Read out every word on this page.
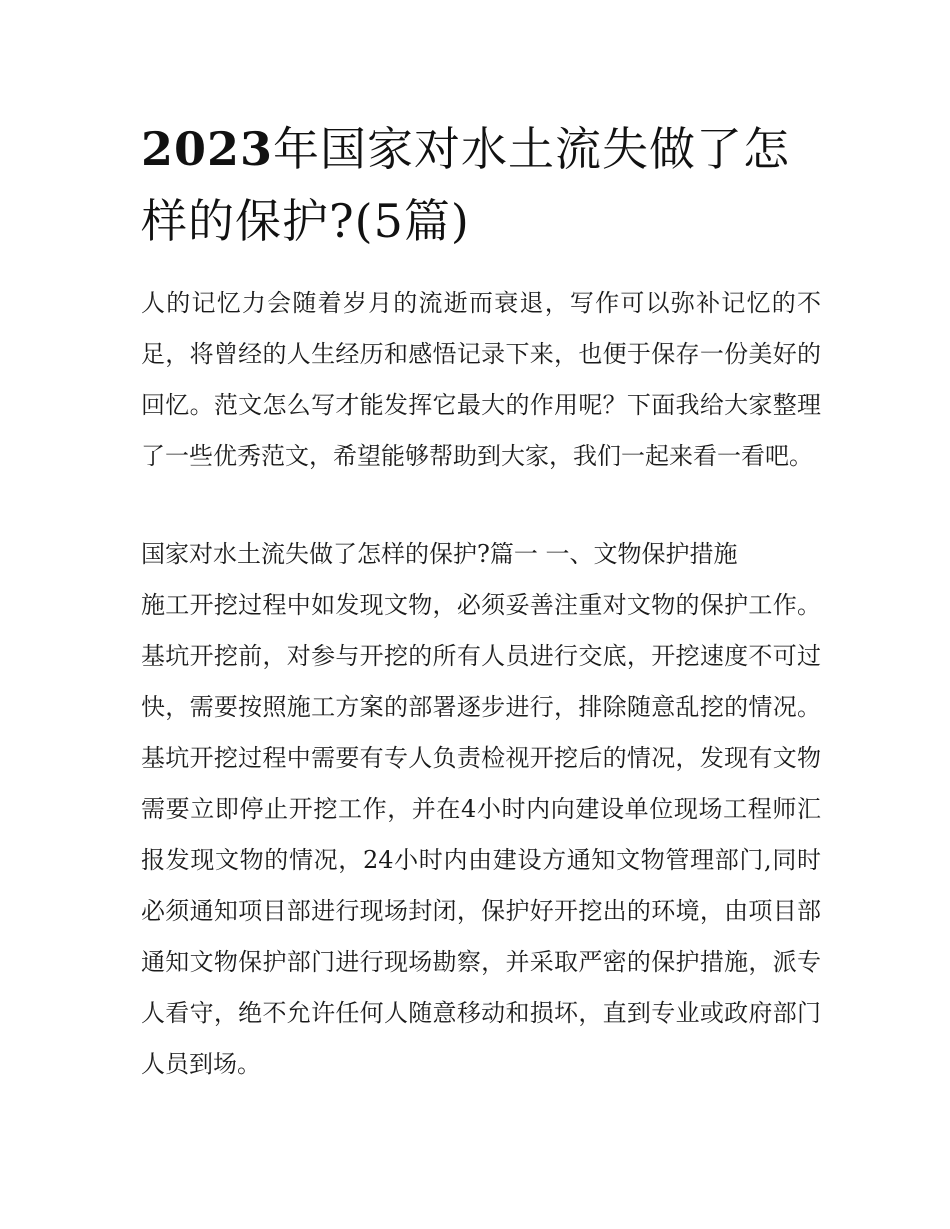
2023年国家对水土流失做了怎样的保护?(5篇)

人的记忆力会随着岁月的流逝而衰退，写作可以弥补记忆的不足，将曾经的人生经历和感悟记录下来，也便于保存一份美好的回忆。范文怎么写才能发挥它最大的作用呢？下面我给大家整理了一些优秀范文，希望能够帮助到大家，我们一起来看一看吧。

国家对水土流失做了怎样的保护?篇一 一、文物保护措施

施工开挖过程中如发现文物，必须妥善注重对文物的保护工作。基坑开挖前，对参与开挖的所有人员进行交底，开挖速度不可过快，需要按照施工方案的部署逐步进行，排除随意乱挖的情况。基坑开挖过程中需要有专人负责检视开挖后的情况，发现有文物需要立即停止开挖工作，并在4小时内向建设单位现场工程师汇报发现文物的情况，24小时内由建设方通知文物管理部门,同时必须通知项目部进行现场封闭，保护好开挖出的环境，由项目部通知文物保护部门进行现场勘察，并采取严密的保护措施，派专人看守，绝不允许任何人随意移动和损坏，直到专业或政府部门人员到场。
